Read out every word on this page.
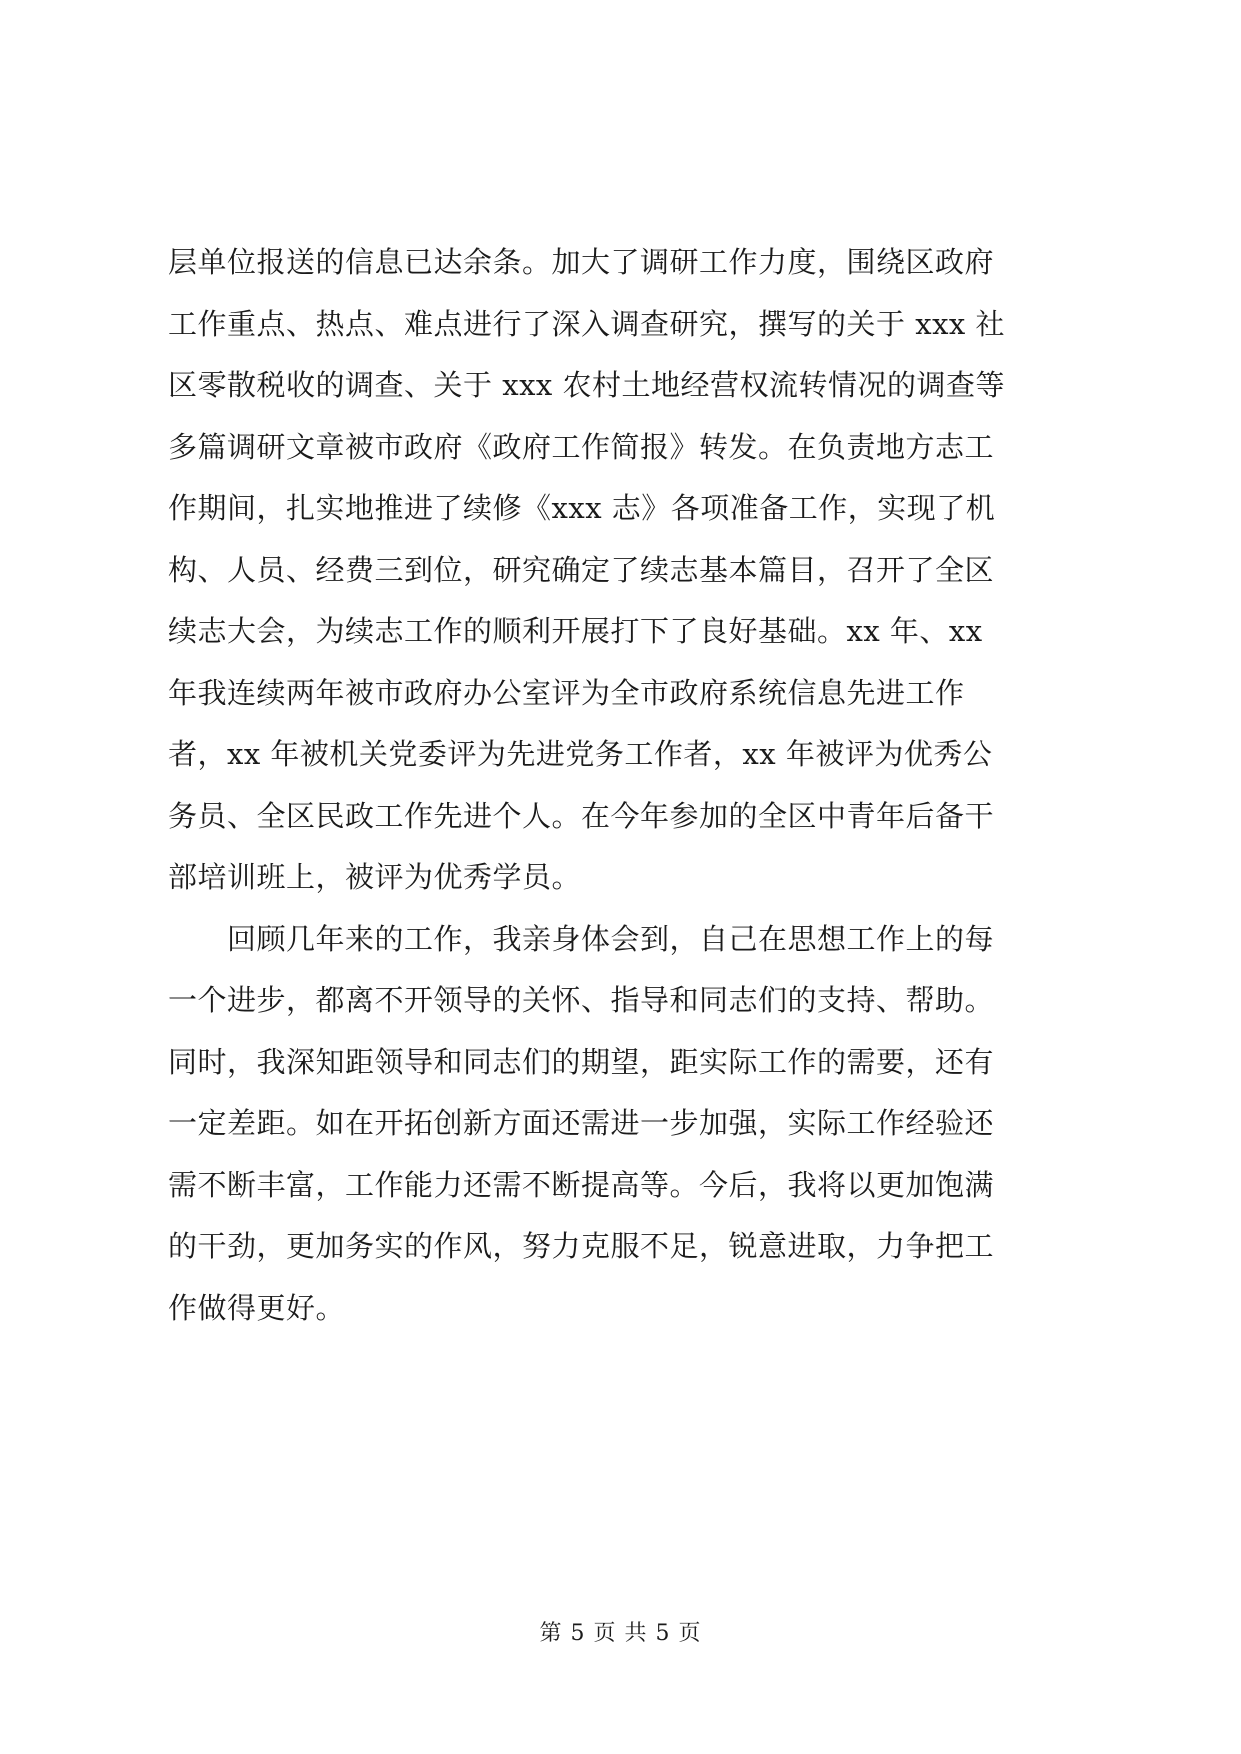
层单位报送的信息已达余条。加大了调研工作力度，围绕区政府
工作重点、热点、难点进行了深入调查研究，撰写的关于 xxx 社
区零散税收的调查、关于 xxx 农村土地经营权流转情况的调查等
多篇调研文章被市政府《政府工作简报》转发。在负责地方志工
作期间，扎实地推进了续修《xxx 志》各项准备工作，实现了机
构、人员、经费三到位，研究确定了续志基本篇目，召开了全区
续志大会，为续志工作的顺利开展打下了良好基础。xx 年、xx
年我连续两年被市政府办公室评为全市政府系统信息先进工作
者，xx 年被机关党委评为先进党务工作者，xx 年被评为优秀公
务员、全区民政工作先进个人。在今年参加的全区中青年后备干
部培训班上，被评为优秀学员。
　　回顾几年来的工作，我亲身体会到，自己在思想工作上的每
一个进步，都离不开领导的关怀、指导和同志们的支持、帮助。
同时，我深知距领导和同志们的期望，距实际工作的需要，还有
一定差距。如在开拓创新方面还需进一步加强，实际工作经验还
需不断丰富，工作能力还需不断提高等。今后，我将以更加饱满
的干劲，更加务实的作风，努力克服不足，锐意进取，力争把工
作做得更好。
第 5 页 共 5 页
